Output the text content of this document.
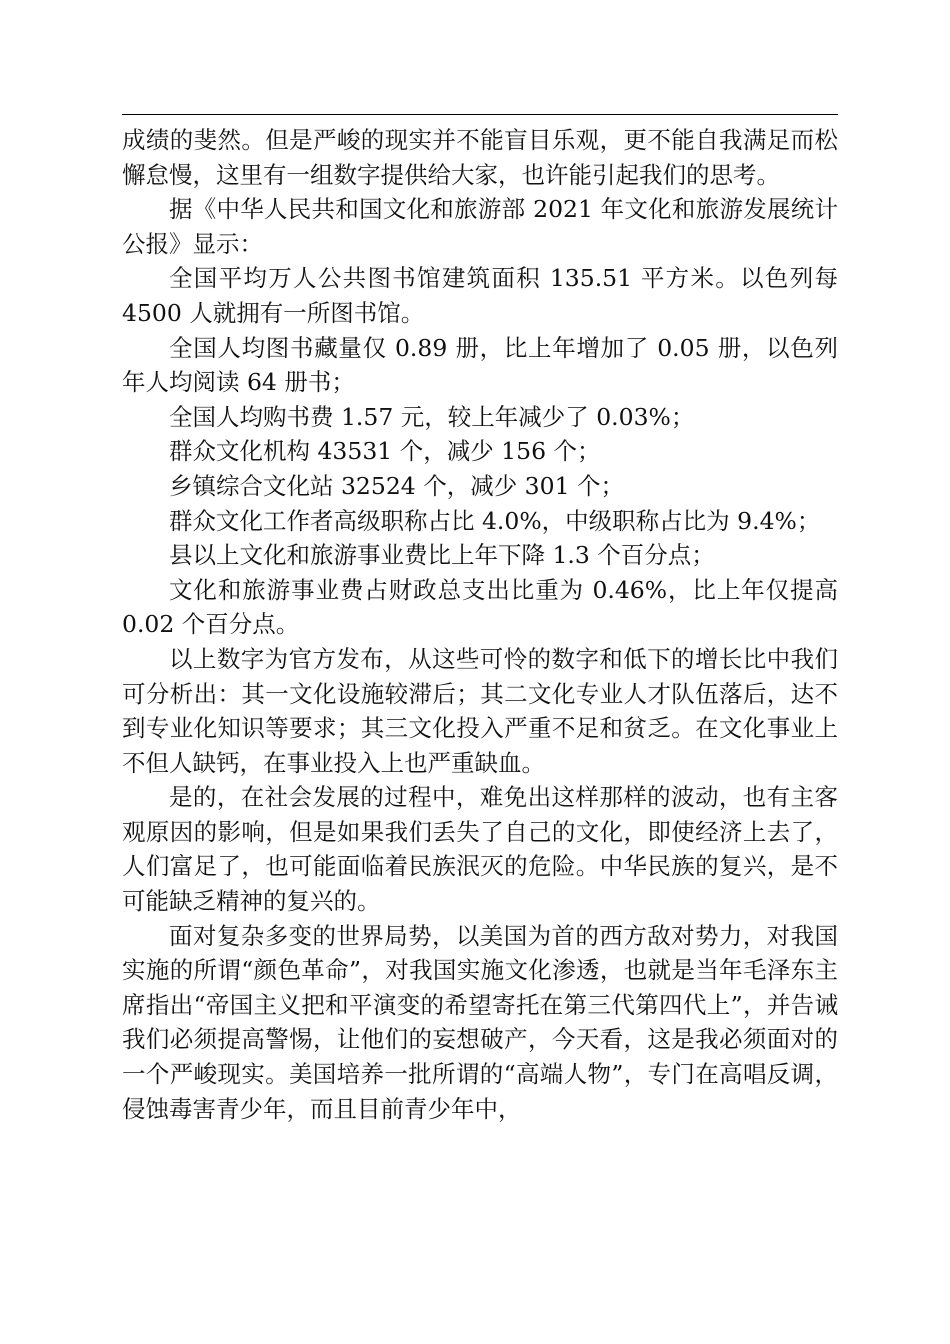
成绩的斐然。但是严峻的现实并不能盲目乐观，更不能自我满足而松懈怠慢，这里有一组数字提供给大家，也许能引起我们的思考。

据《中华人民共和国文化和旅游部 2021 年文化和旅游发展统计公报》显示：

全国平均万人公共图书馆建筑面积 135.51 平方米。以色列每 4500 人就拥有一所图书馆。

全国人均图书藏量仅 0.89 册，比上年增加了 0.05 册，以色列年人均阅读 64 册书；

全国人均购书费 1.57 元，较上年减少了 0.03%；

群众文化机构 43531 个，减少 156 个；

乡镇综合文化站 32524 个，减少 301 个；

群众文化工作者高级职称占比 4.0%，中级职称占比为 9.4%；

县以上文化和旅游事业费比上年下降 1.3 个百分点；

文化和旅游事业费占财政总支出比重为 0.46%，比上年仅提高 0.02 个百分点。

以上数字为官方发布，从这些可怜的数字和低下的增长比中我们可分析出：其一文化设施较滞后；其二文化专业人才队伍落后，达不到专业化知识等要求；其三文化投入严重不足和贫乏。在文化事业上不但人缺钙，在事业投入上也严重缺血。

是的，在社会发展的过程中，难免出这样那样的波动，也有主客观原因的影响，但是如果我们丢失了自己的文化，即使经济上去了，人们富足了，也可能面临着民族泯灭的危险。中华民族的复兴，是不可能缺乏精神的复兴的。

面对复杂多变的世界局势，以美国为首的西方敌对势力，对我国实施的所谓“颜色革命”，对我国实施文化渗透，也就是当年毛泽东主席指出“帝国主义把和平演变的希望寄托在第三代第四代上”，并告诫我们必须提高警惕，让他们的妄想破产，今天看，这是我必须面对的一个严峻现实。美国培养一批所谓的“高端人物”，专门在高唱反调，侵蚀毒害青少年，而且目前青少年中，
